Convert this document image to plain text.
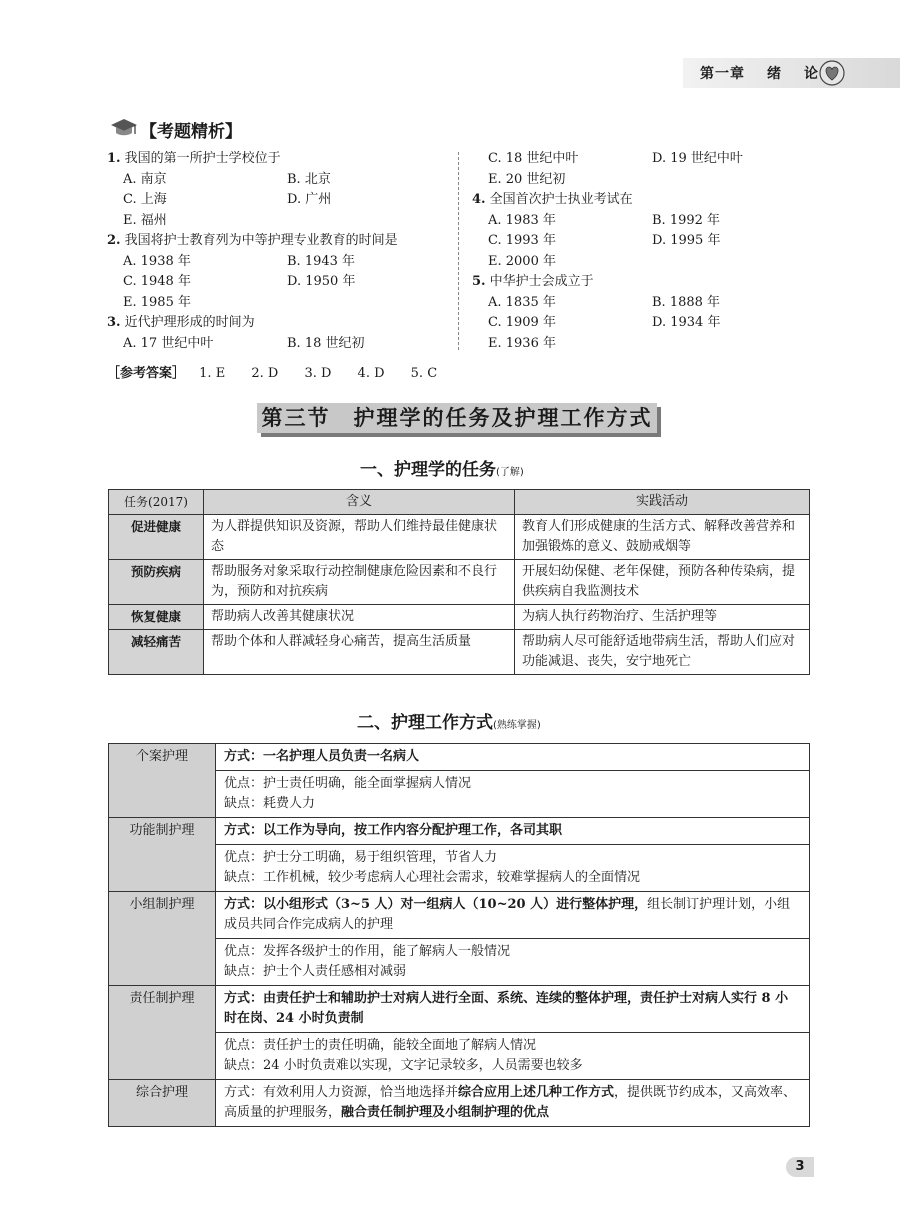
第一章 绪 论
【考题精析】
1. 我国的第一所护士学校位于
A. 南京	B. 北京
C. 上海	D. 广州
E. 福州
2. 我国将护士教育列为中等护理专业教育的时间是
A. 1938 年	B. 1943 年
C. 1948 年	D. 1950 年
E. 1985 年
3. 近代护理形成的时间为
A. 17 世纪中叶	B. 18 世纪初
C. 18 世纪中叶	D. 19 世纪中叶
E. 20 世纪初
4. 全国首次护士执业考试在
A. 1983 年	B. 1992 年
C. 1993 年	D. 1995 年
E. 2000 年
5. 中华护士会成立于
A. 1835 年	B. 1888 年
C. 1909 年	D. 1934 年
E. 1936 年
［参考答案］ 1. E 2. D 3. D 4. D 5. C
第三节　护理学的任务及护理工作方式
一、护理学的任务(了解)
任务(2017)	含义	实践活动
促进健康	为人群提供知识及资源，帮助人们维持最佳健康状态	教育人们形成健康的生活方式、解释改善营养和加强锻炼的意义、鼓励戒烟等
预防疾病	帮助服务对象采取行动控制健康危险因素和不良行为，预防和对抗疾病	开展妇幼保健、老年保健，预防各种传染病，提供疾病自我监测技术
恢复健康	帮助病人改善其健康状况	为病人执行药物治疗、生活护理等
减轻痛苦	帮助个体和人群减轻身心痛苦，提高生活质量	帮助病人尽可能舒适地带病生活，帮助人们应对功能减退、丧失，安宁地死亡
二、护理工作方式(熟练掌握)
个案护理	方式：一名护理人员负责一名病人

	优点：护士责任明确，能全面掌握病人情况
缺点：耗费人力

功能制护理	方式：以工作为导向，按工作内容分配护理工作，各司其职

	优点：护士分工明确，易于组织管理，节省人力
缺点：工作机械，较少考虑病人心理社会需求，较难掌握病人的全面情况

小组制护理	方式：以小组形式（3~5 人）对一组病人（10~20 人）进行整体护理，组长制订护理计划，小组成员共同合作完成病人的护理

	优点：发挥各级护士的作用，能了解病人一般情况
缺点：护士个人责任感相对减弱

责任制护理	方式：由责任护士和辅助护士对病人进行全面、系统、连续的整体护理，责任护士对病人实行 8 小时在岗、24 小时负责制

	优点：责任护士的责任明确，能较全面地了解病人情况
缺点：24 小时负责难以实现，文字记录较多，人员需要也较多

综合护理	方式：有效利用人力资源，恰当地选择并综合应用上述几种工作方式，提供既节约成本，又高效率、高质量的护理服务，融合责任制护理及小组制护理的优点
3
